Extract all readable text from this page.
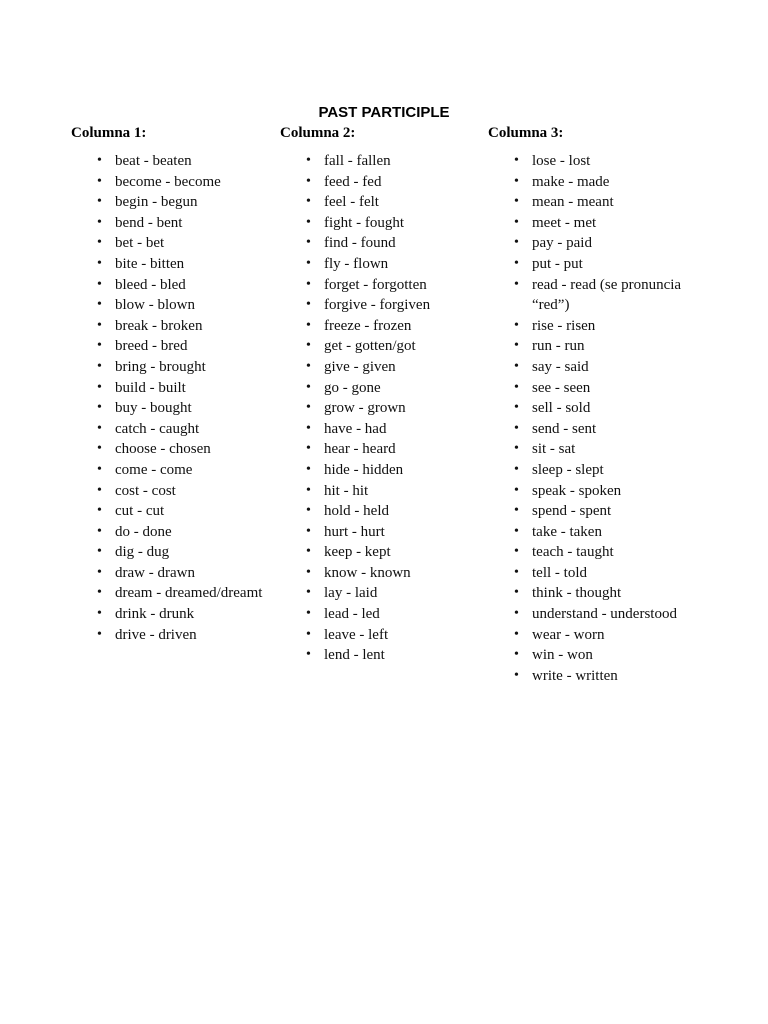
PAST PARTICIPLE
Columna 1:
• beat - beaten
• become - become
• begin - begun
• bend - bent
• bet - bet
• bite - bitten
• bleed - bled
• blow - blown
• break - broken
• breed - bred
• bring - brought
• build - built
• buy - bought
• catch - caught
• choose - chosen
• come - come
• cost - cost
• cut - cut
• do - done
• dig - dug
• draw - drawn
• dream - dreamed/dreamt
• drink - drunk
• drive - driven
Columna 2:
• fall - fallen
• feed - fed
• feel - felt
• fight - fought
• find - found
• fly - flown
• forget - forgotten
• forgive - forgiven
• freeze - frozen
• get - gotten/got
• give - given
• go - gone
• grow - grown
• have - had
• hear - heard
• hide - hidden
• hit - hit
• hold - held
• hurt - hurt
• keep - kept
• know - known
• lay - laid
• lead - led
• leave - left
• lend - lent
Columna 3:
• lose - lost
• make - made
• mean - meant
• meet - met
• pay - paid
• put - put
• read - read (se pronuncia “red”)
• rise - risen
• run - run
• say - said
• see - seen
• sell - sold
• send - sent
• sit - sat
• sleep - slept
• speak - spoken
• spend - spent
• take - taken
• teach - taught
• tell - told
• think - thought
• understand - understood
• wear - worn
• win - won
• write - written
